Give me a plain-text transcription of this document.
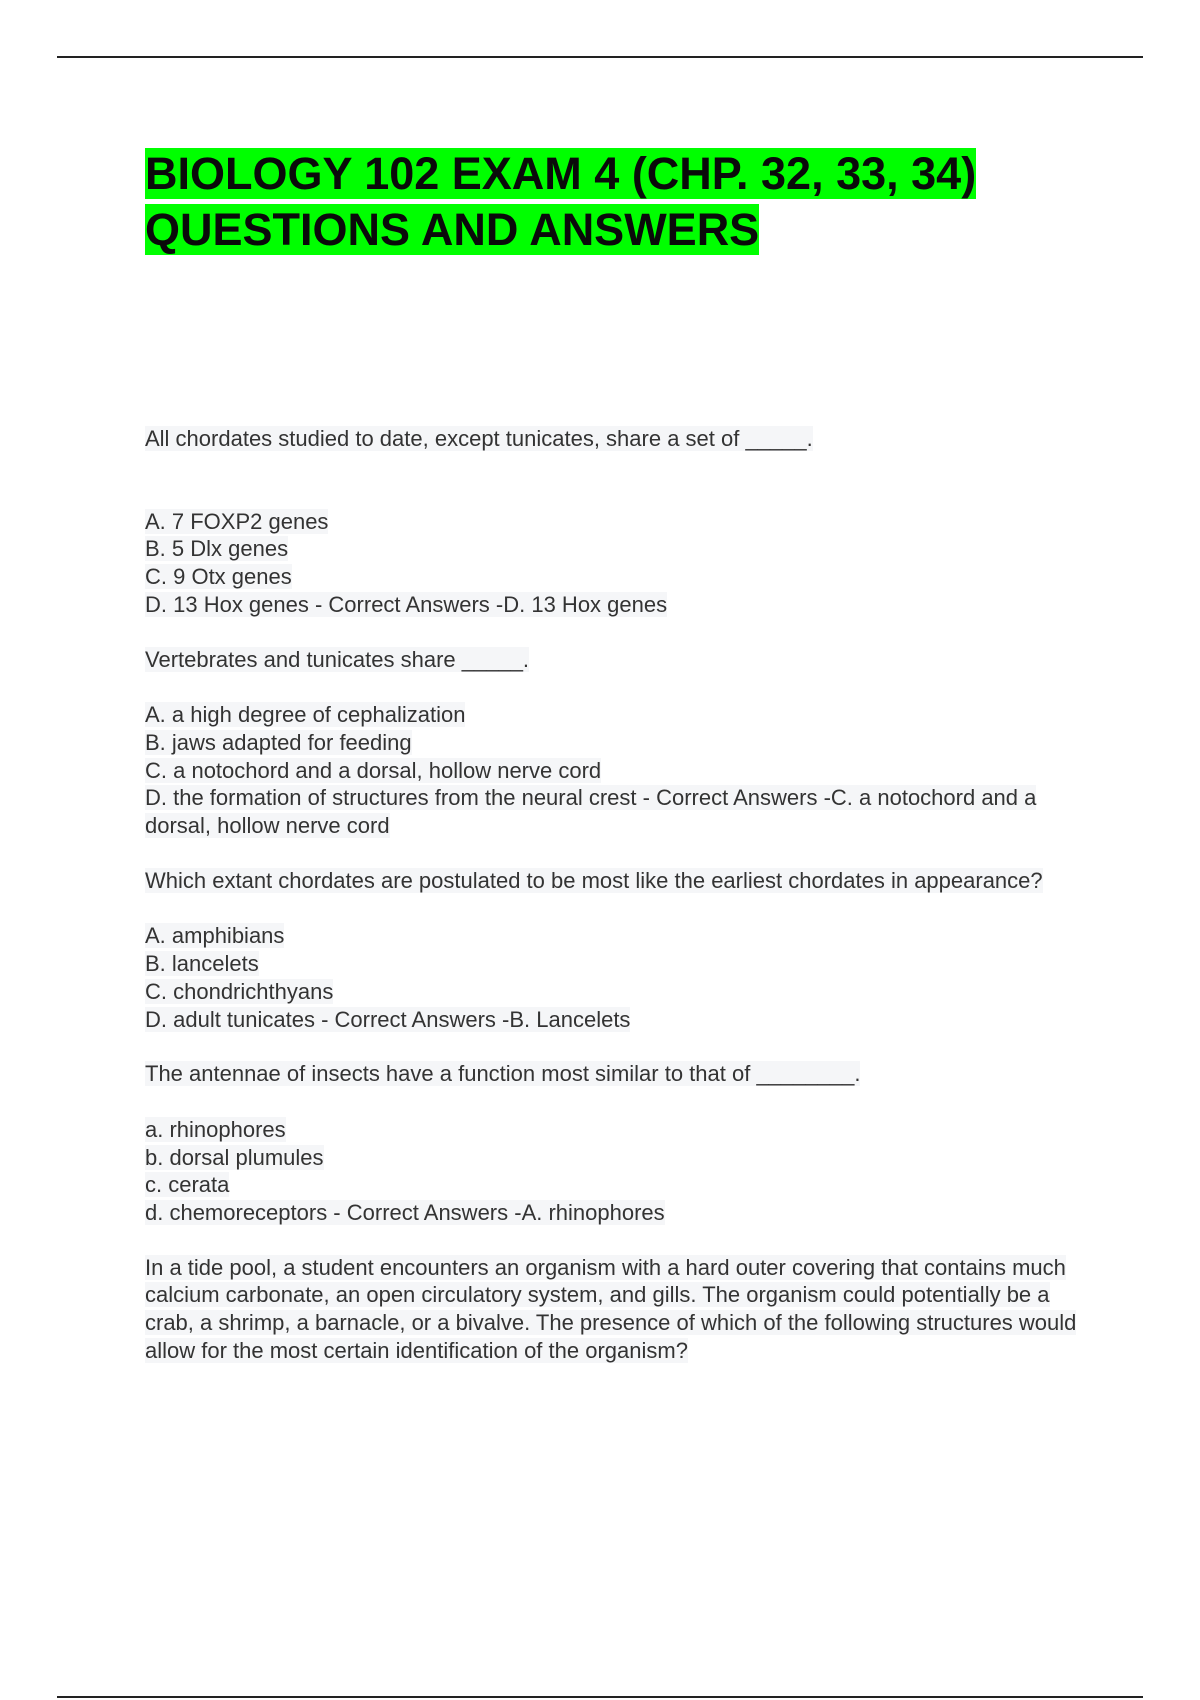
BIOLOGY 102 EXAM 4 (CHP. 32, 33, 34)
QUESTIONS AND ANSWERS
All chordates studied to date, except tunicates, share a set of _____.
A. 7 FOXP2 genes
B. 5 Dlx genes
C. 9 Otx genes
D. 13 Hox genes - Correct Answers -D. 13 Hox genes
Vertebrates and tunicates share _____.
A. a high degree of cephalization
B. jaws adapted for feeding
C. a notochord and a dorsal, hollow nerve cord
D. the formation of structures from the neural crest - Correct Answers -C. a notochord and a dorsal, hollow nerve cord
Which extant chordates are postulated to be most like the earliest chordates in appearance?
A. amphibians
B. lancelets
C. chondrichthyans
D. adult tunicates - Correct Answers -B. Lancelets
The antennae of insects have a function most similar to that of ________.
a. rhinophores
b. dorsal plumules
c. cerata
d. chemoreceptors - Correct Answers -A. rhinophores
In a tide pool, a student encounters an organism with a hard outer covering that contains much calcium carbonate, an open circulatory system, and gills. The organism could potentially be a crab, a shrimp, a barnacle, or a bivalve. The presence of which of the following structures would allow for the most certain identification of the organism?
